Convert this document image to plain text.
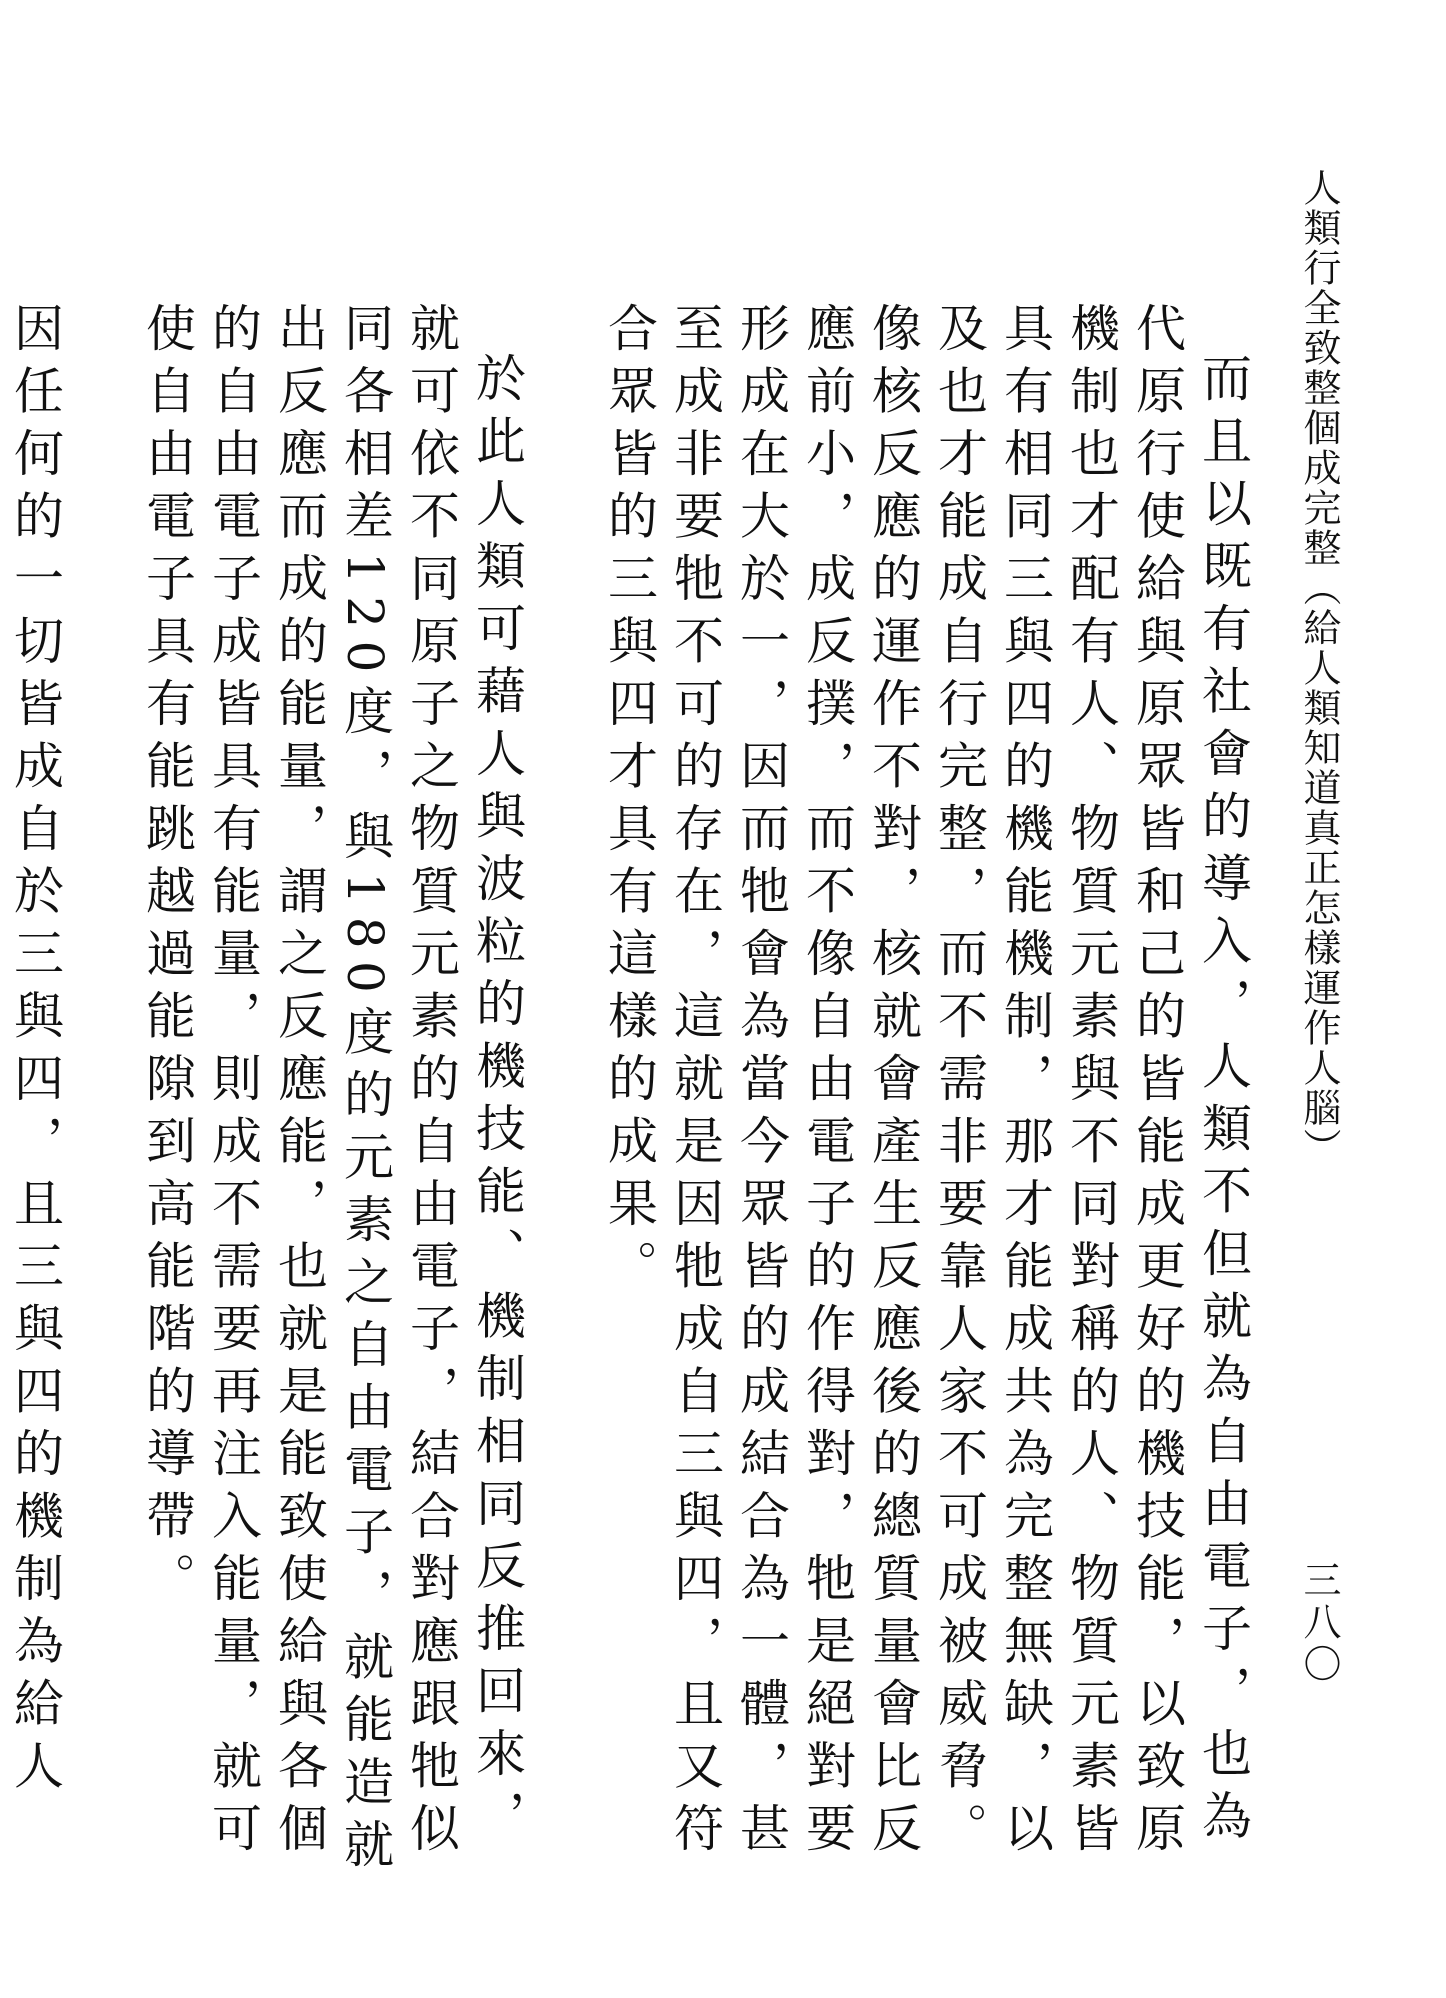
人類行全致整個成完整（給人類知道真正怎樣運作人腦）
三八〇

而且以既有社會的導入，人類不但就為自由電子，也為代原行使給與原眾皆和己的皆能成更好的機技能，以致原機制也才配有人、物質元素與不同對稱的人、物質元素皆具有相同三與四的機能機制，那才能成共為完整無缺，以及也才能成自行完整，而不需非要靠人家不可成被威脅。像核反應的運作不對，核就會產生反應後的總質量會比反應前小，成反撲，而不像自由電子的作得對，牠是絕對要形成在大於一，因而牠會為當今眾皆的成結合為一體，甚至成非要牠不可的存在，這就是因牠成自三與四，且又符合眾皆的三與四才具有這樣的成果。

於此人類可藉人與波粒的機技能、機制相同反推回來，就可依不同原子之物質元素的自由電子，結合對應跟牠似同各相差120度，與180度的元素之自由電子，就能造就出反應而成的能量，謂之反應能，也就是能致使給與各個的自由電子成皆具有能量，則成不需要再注入能量，就可使自由電子具有能跳越過能隙到高能階的導帶。

因任何的一切皆成自於三與四，且三與四的機制為給人
